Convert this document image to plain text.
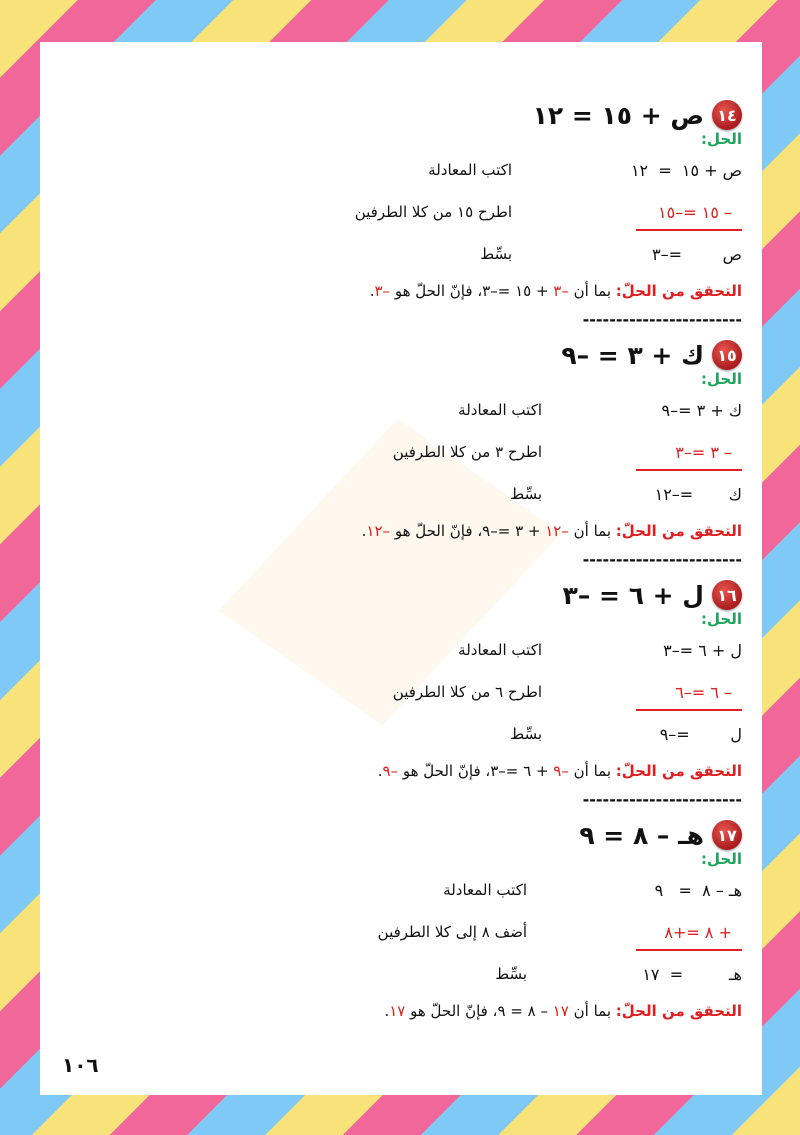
١٤
ص + ١٥ = ١٢
الحل:
ص + ١٥  =  ١٢
اكتب المعادلة
– ١٥ =–١٥
اطرح ١٥ من كلا الطرفين
ص        =–٣
بسِّط
التحقق من الحلّ: بما أن –٣ + ١٥ =–٣، فإنّ الحلّ هو –٣.
------------------------
١٥
ك + ٣ = –٩
الحل:
ك + ٣ =–٩
اكتب المعادلة
– ٣ =–٣
اطرح ٣ من كلا الطرفين
ك       =–١٢
بسِّط
التحقق من الحلّ: بما أن –١٢ + ٣ =–٩، فإنّ الحلّ هو –١٢.
------------------------
١٦
ل + ٦ = –٣
الحل:
ل + ٦ =–٣
اكتب المعادلة
– ٦ =–٦
اطرح ٦ من كلا الطرفين
ل        =–٩
بسِّط
التحقق من الحلّ: بما أن –٩ + ٦ =–٣، فإنّ الحلّ هو –٩.
------------------------
١٧
هـ – ٨ = ٩
الحل:
هـ – ٨  =   ٩
اكتب المعادلة
+ ٨ =+٨
أضف ٨ إلى كلا الطرفين
هـ         =  ١٧
بسِّط
التحقق من الحلّ: بما أن ١٧ – ٨ = ٩، فإنّ الحلّ هو ١٧.
١٠٦
